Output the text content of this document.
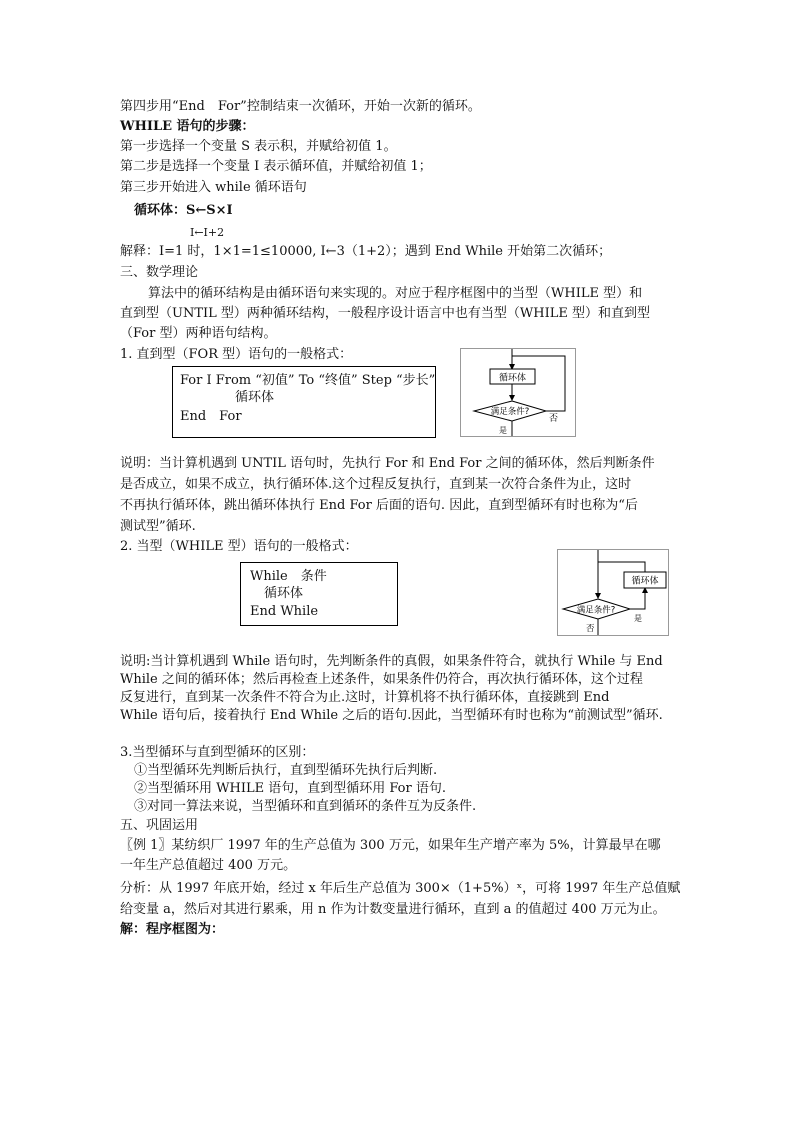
第四步用“End　For”控制结束一次循环，开始一次新的循环。
WHILE 语句的步骤：
第一步选择一个变量 S 表示积，并赋给初值 1。
第二步是选择一个变量 I 表示循环值，并赋给初值 1；
第三步开始进入 while 循环语句
循环体：S←S×I
I←I+2
解释：I=1 时，1×1=1≤10000, I←3（1+2）；遇到 End While 开始第二次循环；
三、数学理论
算法中的循环结构是由循环语句来实现的。对应于程序框图中的当型（WHILE 型）和
直到型（UNTIL 型）两种循环结构，一般程序设计语言中也有当型（WHILE 型）和直到型
（For 型）两种语句结构。
1. 直到型（FOR 型）语句的一般格式：
For I From “初值” To “终值” Step “步长”
循环体
End　For
循环体
满足条件?
否
是
说明：当计算机遇到 UNTIL 语句时，先执行 For 和 End For 之间的循环体，然后判断条件
是否成立，如果不成立，执行循环体.这个过程反复执行，直到某一次符合条件为止，这时
不再执行循环体，跳出循环体执行 End For 后面的语句. 因此，直到型循环有时也称为“后
测试型”循环.
2. 当型（WHILE 型）语句的一般格式：
While　条件
循环体
End While	满足条件?
是
循环体
否
说明:当计算机遇到 While 语句时，先判断条件的真假，如果条件符合，就执行 While 与 End
While 之间的循环体；然后再检查上述条件，如果条件仍符合，再次执行循环体，这个过程
反复进行，直到某一次条件不符合为止.这时，计算机将不执行循环体，直接跳到 End
While 语句后，接着执行 End While 之后的语句.因此，当型循环有时也称为“前测试型”循环.
3.当型循环与直到型循环的区别：
①当型循环先判断后执行，直到型循环先执行后判断.
②当型循环用 WHILE 语句，直到型循环用 For 语句.
③对同一算法来说，当型循环和直到循环的条件互为反条件.
五、巩固运用
〖例 1〗某纺织厂 1997 年的生产总值为 300 万元，如果年生产增产率为 5%，计算最早在哪
一年生产总值超过 400 万元。
分析：从 1997 年底开始，经过 x 年后生产总值为 300×（1+5%）ˣ，可将 1997 年生产总值赋
给变量 a，然后对其进行累乘，用 n 作为计数变量进行循环，直到 a 的值超过 400 万元为止。
解：程序框图为：
